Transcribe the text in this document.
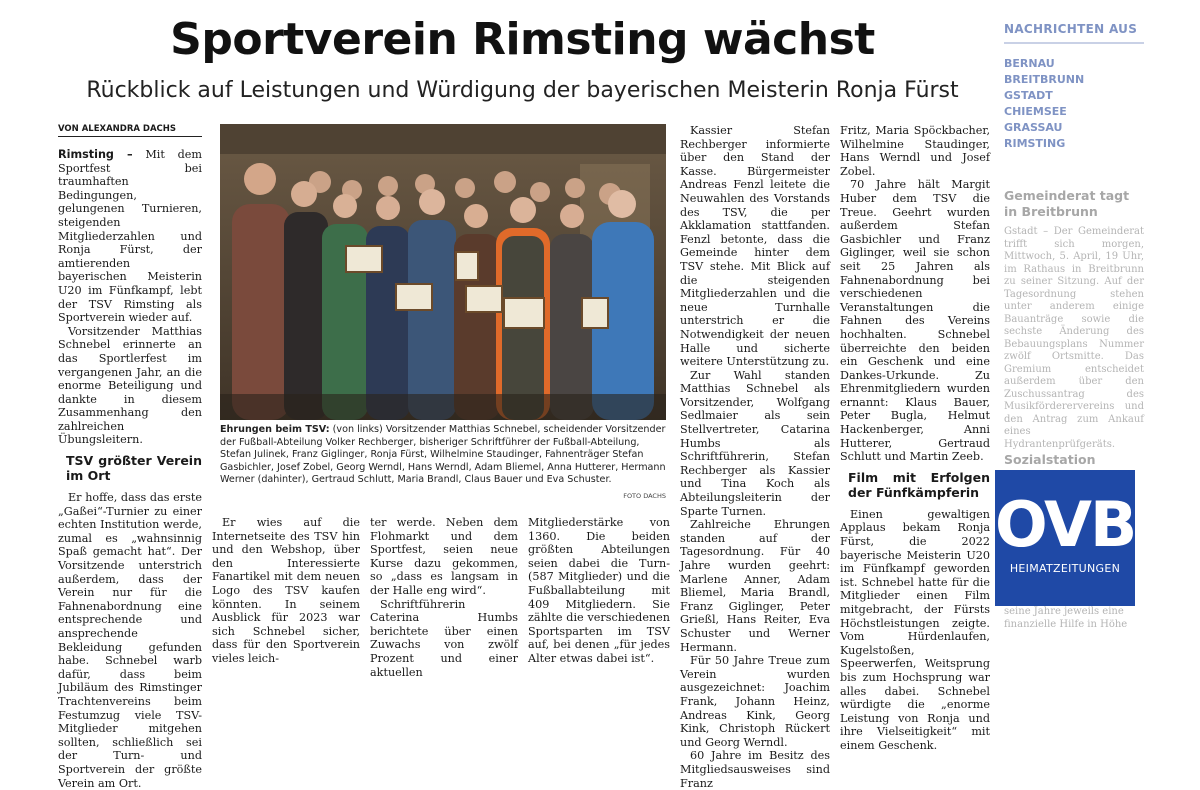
Sportverein Rimsting wächst
Rückblick auf Leistungen und Würdigung der bayerischen Meisterin Ronja Fürst
VON ALEXANDRA DACHS

Rimsting – Mit dem Sportfest bei traumhaften Bedingungen, gelungenen Turnieren, steigenden Mitgliederzahlen und Ronja Fürst, der amtierenden bayerischen Meisterin U20 im Fünfkampf, lebt der TSV Rimsting als Sportverein wieder auf.

Vorsitzender Matthias Schnebel erinnerte an das Sportlerfest im vergangenen Jahr, an die enorme Beteiligung und dankte in diesem Zusammenhang den zahlreichen Übungsleitern.

TSV größter Verein im Ort

Er hoffe, dass das erste „Gaßei“-Turnier zu einer echten Institution werde, zumal es „wahnsinnig Spaß gemacht hat“. Der Vorsitzende unterstrich außerdem, dass der Verein nur für die Fahnenabordnung eine entsprechende und ansprechende Bekleidung gefunden habe. Schnebel warb dafür, dass beim Jubiläum des Rimstinger Trachtenvereins beim Festumzug viele TSV-Mitglieder mitgehen sollten, schließlich sei der Turn- und Sportverein der größte Verein am Ort.

Ehrungen beim TSV: (von links) Vorsitzender Matthias Schnebel, scheidender Vorsitzender der Fußball-Abteilung Volker Rechberger, bisheriger Schriftführer der Fußball-Abteilung, Stefan Julinek, Franz Giglinger, Ronja Fürst, Wilhelmine Staudinger, Fahnenträger Stefan Gasbichler, Josef Zobel, Georg Werndl, Hans Werndl, Adam Bliemel, Anna Hutterer, Hermann Werner (dahinter), Gertraud Schlutt, Maria Brandl, Claus Bauer und Eva Schuster.
FOTO DACHS

Er wies auf die Internetseite des TSV hin und den Webshop, über den Interessierte Fanartikel mit dem neuen Logo des TSV kaufen könnten. In seinem Ausblick für 2023 war sich Schnebel sicher, dass für den Sportverein vieles leich-

ter werde. Neben dem Flohmarkt und dem Sportfest, seien neue Kurse dazu gekommen, so „dass es langsam in der Halle eng wird“.

Schriftführerin Caterina Humbs berichtete über einen Zuwachs von zwölf Prozent und einer aktuellen

Mitgliederstärke von 1360. Die beiden größten Abteilungen seien dabei die Turn- (587 Mitglieder) und die Fußballabteilung mit 409 Mitgliedern. Sie zählte die verschiedenen Sportsparten im TSV auf, bei denen „für jedes Alter etwas dabei ist“.

Kassier Stefan Rechberger informierte über den Stand der Kasse. Bürgermeister Andreas Fenzl leitete die Neuwahlen des Vorstands des TSV, die per Akklamation stattfanden. Fenzl betonte, dass die Gemeinde hinter dem TSV stehe. Mit Blick auf die steigenden Mitgliederzahlen und die neue Turnhalle unterstrich er die Notwendigkeit der neuen Halle und sicherte weitere Unterstützung zu.

Zur Wahl standen Matthias Schnebel als Vorsitzender, Wolfgang Sedlmaier als sein Stellvertreter, Catarina Humbs als Schriftführerin, Stefan Rechberger als Kassier und Tina Koch als Abteilungsleiterin der Sparte Turnen.

Zahlreiche Ehrungen standen auf der Tagesordnung. Für 40 Jahre wurden geehrt: Marlene Anner, Adam Bliemel, Maria Brandl, Franz Giglinger, Peter Grießl, Hans Reiter, Eva Schuster und Werner Hermann.

Für 50 Jahre Treue zum Verein wurden ausgezeichnet: Joachim Frank, Johann Heinz, Andreas Kink, Georg Kink, Christoph Rückert und Georg Werndl.

60 Jahre im Besitz des Mitgliedsausweises sind Franz

Fritz, Maria Spöckbacher, Wilhelmine Staudinger, Hans Werndl und Josef Zobel.

70 Jahre hält Margit Huber dem TSV die Treue. Geehrt wurden außerdem Stefan Gasbichler und Franz Giglinger, weil sie schon seit 25 Jahren als Fahnenabordnung bei verschiedenen Veranstaltungen die Fahnen des Vereins hochhalten. Schnebel überreichte den beiden ein Geschenk und eine Dankes-Urkunde. Zu Ehrenmitgliedern wurden ernannt: Klaus Bauer, Peter Bugla, Helmut Hackenberger, Anni Hutterer, Gertraud Schlutt und Martin Zeeb.

Film mit Erfolgen der Fünfkämpferin

Einen gewaltigen Applaus bekam Ronja Fürst, die 2022 bayerische Meisterin U20 im Fünfkampf geworden ist. Schnebel hatte für die Mitglieder einen Film mitgebracht, der Fürsts Höchstleistungen zeigte. Vom Hürdenlaufen, Kugelstoßen, Speerwerfen, Weitsprung bis zum Hochsprung war alles dabei. Schnebel würdigte die „enorme Leistung von Ronja und ihre Vielseitigkeit“ mit einem Geschenk.

NACHRICHTEN AUS
BERNAU
BREITBRUNN
GSTADT
CHIEMSEE
GRASSAU
RIMSTING
Gemeinderat tagt in Breitbrunn
Gstadt – Der Gemeinderat trifft sich morgen, Mittwoch, 5. April, 19 Uhr, im Rathaus in Breitbrunn zu seiner Sitzung. Auf der Tagesordnung stehen unter anderem einige Bauanträge sowie die sechste Änderung des Bebauungsplans Nummer zwölf Ortsmitte. Das Gremium entscheidet außerdem über den Zuschussantrag des Musikförderervereins und den Antrag zum Ankauf eines Hydrantenprüfgeräts.
Sozialstation
seine Jahre jeweils eine finanzielle Hilfe in Höhe
OVB
HEIMATZEITUNGEN
